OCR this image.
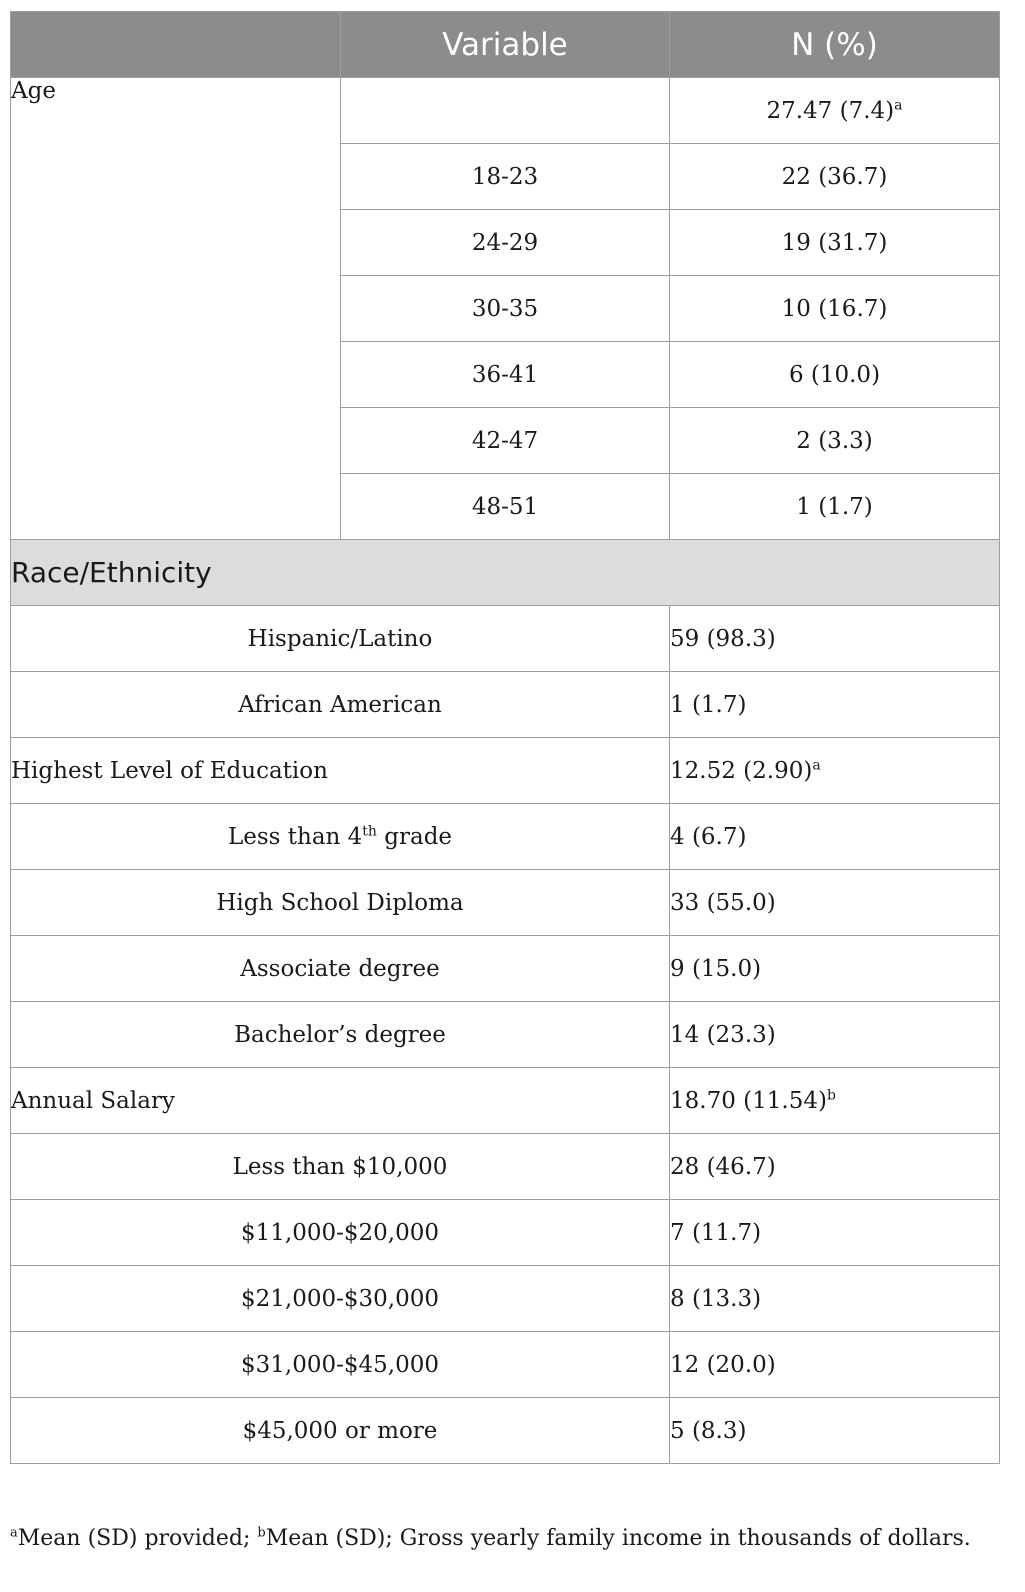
	Variable	N (%)
Age		27.47 $(7.4)^a$
	18-23	22 (36.7)
	24-29	19 (31.7)
	30-35	10 (16.7)
	36-41	6 (10.0)
	42-47	2 (3.3)
	48-51	1 (1.7)
Race/Ethnicity		
Hispanic/Latino		59 (98.3)
African American		1 (1.7)
Highest Level of Education		12.52 $(2.90)^a$
Less than 4th grade		4 (6.7)
High School Diploma		33 (55.0)
Associate degree		9 (15.0)
Bachelor’s degree		14 (23.3)
Annual Salary		18.70 $(11.54)^b$
Less than $10,000		28 (46.7)
$11,000-$20,000		7 (11.7)
$21,000-$30,000		8 (13.3)
$31,000-$45,000		12 (20.0)
$45,000 or more		5 (8.3)
$^a$Mean (SD) provided; $^b$Mean (SD); Gross yearly family income in thousands of dollars.
